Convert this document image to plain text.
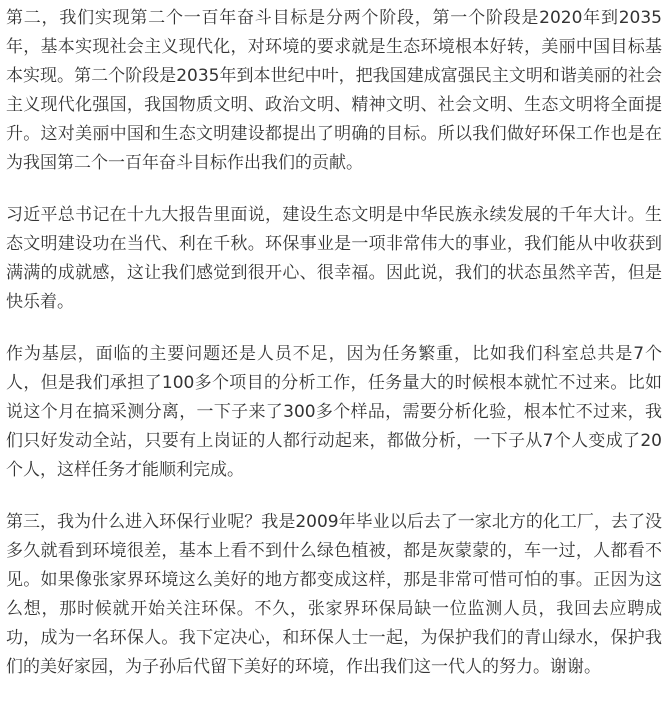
第二，我们实现第二个一百年奋斗目标是分两个阶段，第一个阶段是2020年到2035年，基本实现社会主义现代化，对环境的要求就是生态环境根本好转，美丽中国目标基本实现。第二个阶段是2035年到本世纪中叶，把我国建成富强民主文明和谐美丽的社会主义现代化强国，我国物质文明、政治文明、精神文明、社会文明、生态文明将全面提升。这对美丽中国和生态文明建设都提出了明确的目标。所以我们做好环保工作也是在为我国第二个一百年奋斗目标作出我们的贡献。

习近平总书记在十九大报告里面说，建设生态文明是中华民族永续发展的千年大计。生态文明建设功在当代、利在千秋。环保事业是一项非常伟大的事业，我们能从中收获到满满的成就感，这让我们感觉到很开心、很幸福。因此说，我们的状态虽然辛苦，但是快乐着。

作为基层，面临的主要问题还是人员不足，因为任务繁重，比如我们科室总共是7个人，但是我们承担了100多个项目的分析工作，任务量大的时候根本就忙不过来。比如说这个月在搞采测分离，一下子来了300多个样品，需要分析化验，根本忙不过来，我们只好发动全站，只要有上岗证的人都行动起来，都做分析，一下子从7个人变成了20个人，这样任务才能顺利完成。

第三，我为什么进入环保行业呢？我是2009年毕业以后去了一家北方的化工厂，去了没多久就看到环境很差，基本上看不到什么绿色植被，都是灰蒙蒙的，车一过，人都看不见。如果像张家界环境这么美好的地方都变成这样，那是非常可惜可怕的事。正因为这么想，那时候就开始关注环保。不久，张家界环保局缺一位监测人员，我回去应聘成功，成为一名环保人。我下定决心，和环保人士一起，为保护我们的青山绿水，保护我们的美好家园，为子孙后代留下美好的环境，作出我们这一代人的努力。谢谢。
